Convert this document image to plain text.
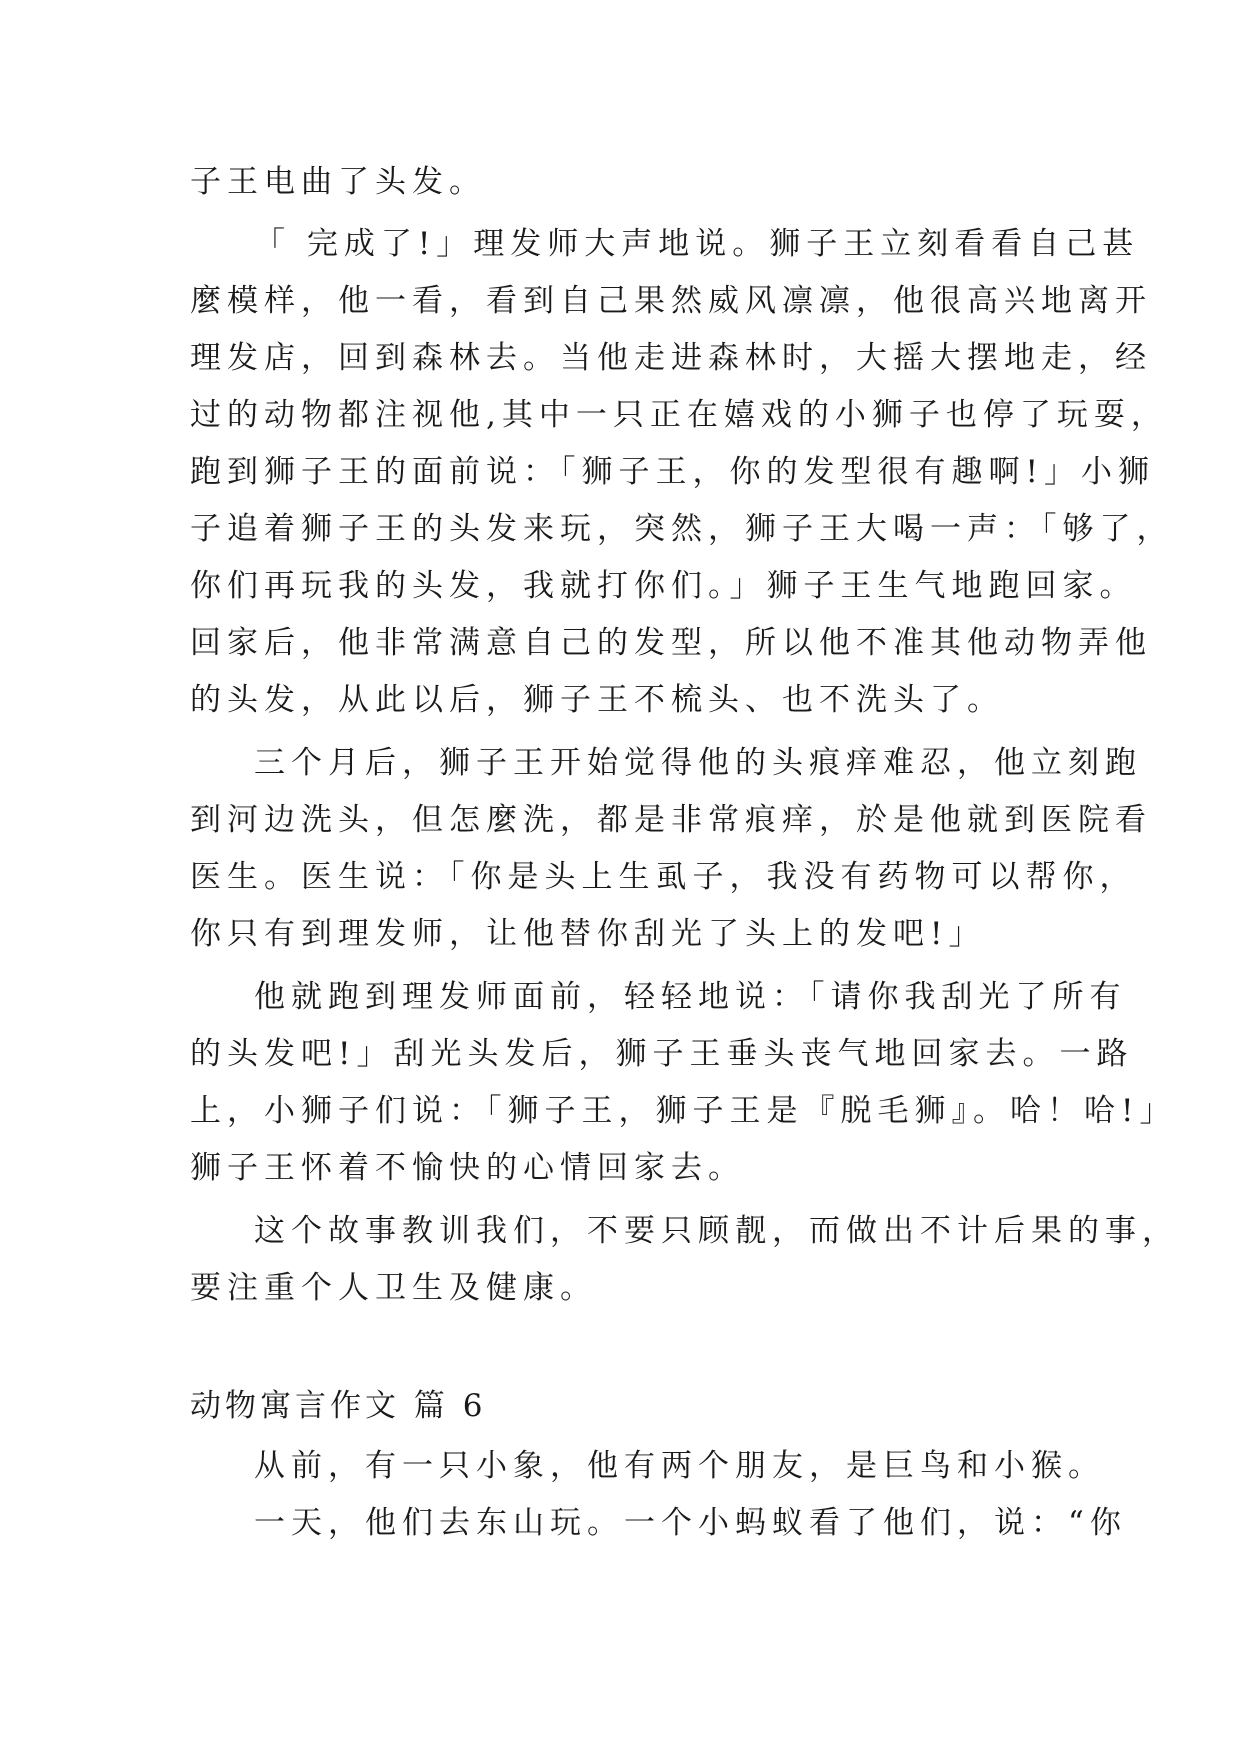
子王电曲了头发。
「 完成了!」理发师大声地说。狮子王立刻看看自己甚
麼模样，他一看，看到自己果然威风凛凛，他很高兴地离开
理发店，回到森林去。当他走进森林时，大摇大摆地走，经
过的动物都注视他,其中一只正在嬉戏的小狮子也停了玩耍，
跑到狮子王的面前说：「狮子王，你的发型很有趣啊!」小狮
子追着狮子王的头发来玩，突然，狮子王大喝一声：「够了，
你们再玩我的头发，我就打你们。」狮子王生气地跑回家。
回家后，他非常满意自己的发型，所以他不准其他动物弄他
的头发，从此以后，狮子王不梳头、也不洗头了。
三个月后，狮子王开始觉得他的头痕痒难忍，他立刻跑
到河边洗头，但怎麼洗，都是非常痕痒，於是他就到医院看
医生。医生说：「你是头上生虱子，我没有药物可以帮你，
你只有到理发师，让他替你刮光了头上的发吧!」
他就跑到理发师面前，轻轻地说：「请你我刮光了所有
的头发吧!」刮光头发后，狮子王垂头丧气地回家去。一路
上，小狮子们说：「狮子王，狮子王是『脱毛狮』。哈！哈!」
狮子王怀着不愉快的心情回家去。
这个故事教训我们，不要只顾靓，而做出不计后果的事，
要注重个人卫生及健康。
动物寓言作文 篇 6
从前，有一只小象，他有两个朋友，是巨鸟和小猴。
一天，他们去东山玩。一个小蚂蚁看了他们，说：“你
